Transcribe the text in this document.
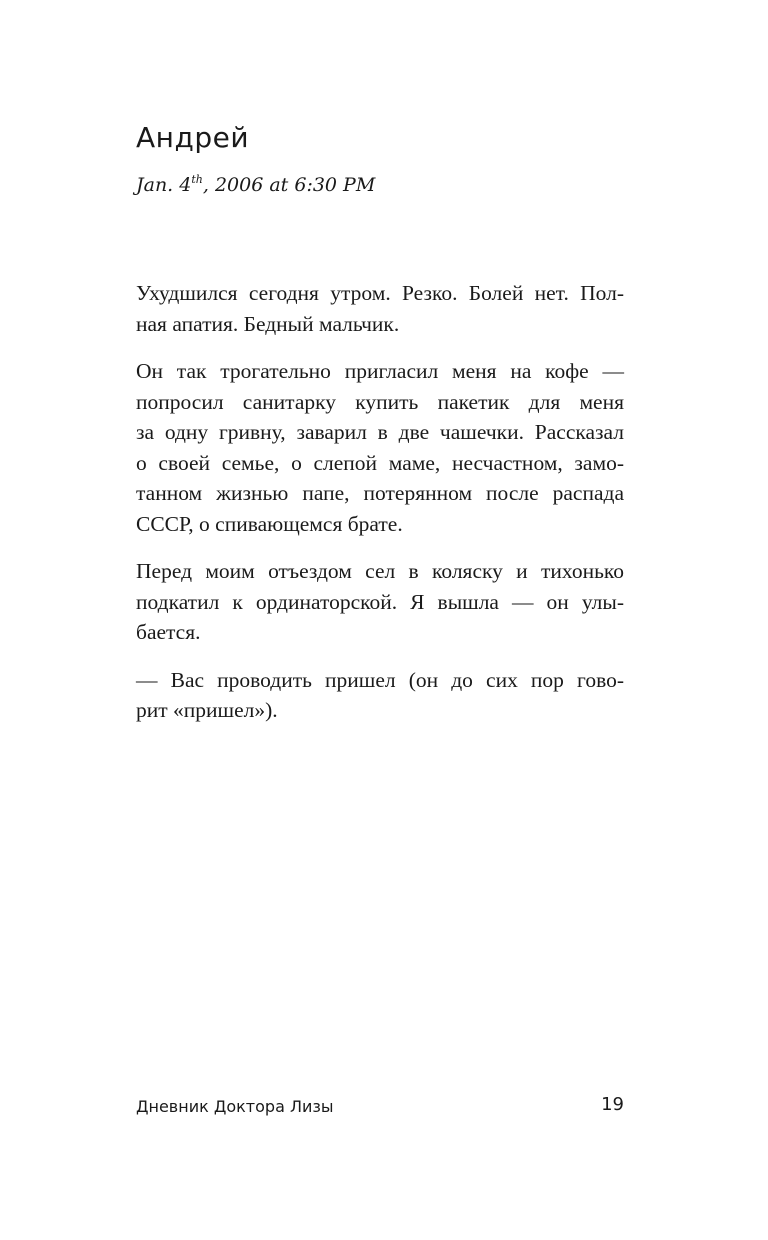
Андрей
Jan. 4th, 2006 at 6:30 PM

Ухудшился сегодня утром. Резко. Болей нет. Пол-
ная апатия. Бедный мальчик.

Он так трогательно пригласил меня на кофе —
попросил санитарку купить пакетик для меня
за одну гривну, заварил в две чашечки. Рассказал
о своей семье, о слепой маме, несчастном, замо-
танном жизнью папе, потерянном после распада
СССР, о спивающемся брате.

Перед моим отъездом сел в коляску и тихонько
подкатил к ординаторской. Я вышла — он улы-
бается.

— Вас проводить пришел (он до сих пор гово-
рит «пришел»).

Дневник Доктора Лизы	19
